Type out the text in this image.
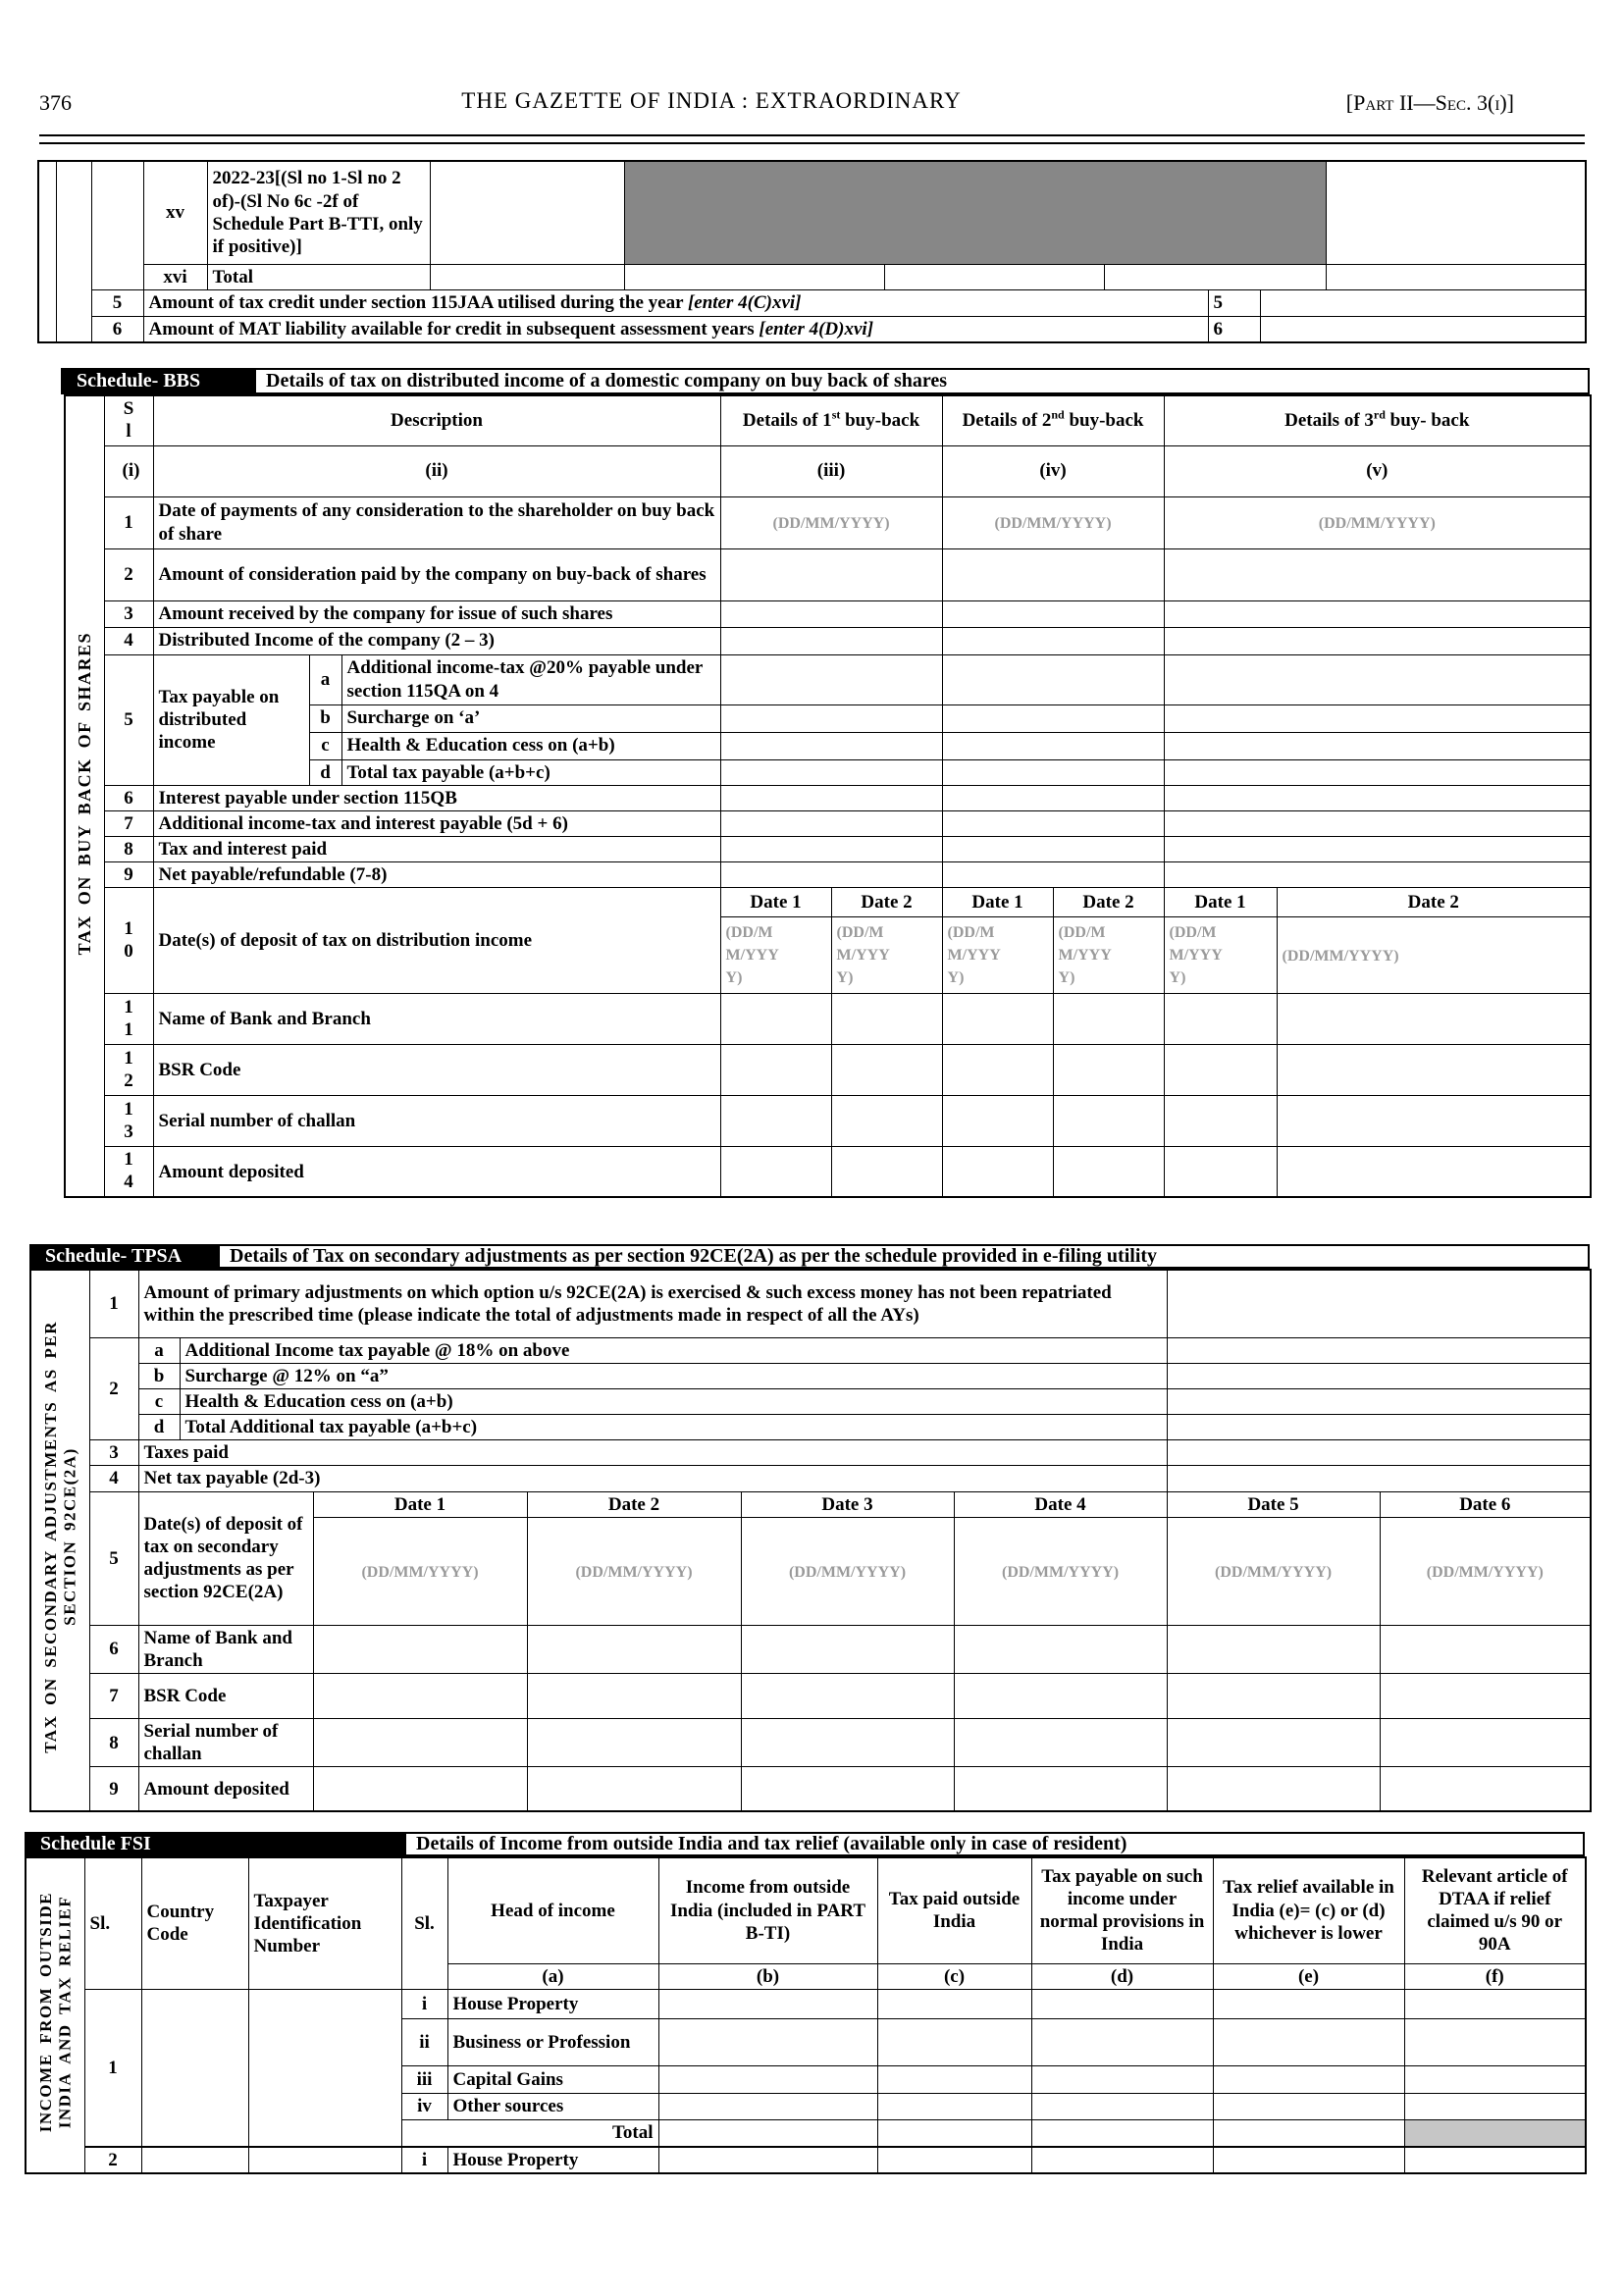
376	THE GAZETTE OF INDIA : EXTRAORDINARY	[Part II—Sec. 3(i)]
			xv	2022-23[(Sl no 1-Sl no 2 of)-(Sl No 6c -2f of Schedule Part B-TTI, only if positive)]							
			xvi	Total							
		5	Amount of tax credit under section 115JAA utilised during the year [enter 4(C)xvi]						5		
		6	Amount of MAT liability available for credit in subsequent assessment years [enter 4(D)xvi]						6		
Schedule- BBS	Details of tax on distributed income of a domestic company on buy back of shares
TAX ON BUY BACK OF SHARES	Sl	Description			Details of 1st buy-back		Details of 2nd buy-back		Details of 3rd buy- back	
	(i)	(ii)			(iii)		(iv)		(v)	
	1	Date of payments of any consideration to the shareholder on buy back of share			(DD/MM/YYYY)		(DD/MM/YYYY)		(DD/MM/YYYY)	
	2	Amount of consideration paid by the company on buy-back of shares								
	3	Amount received by the company for issue of such shares								
	4	Distributed Income of the company (2 – 3)								
	5	Tax payable on distributed income	a	Additional income-tax @20% payable under section 115QA on 4						
			b	Surcharge on ‘a’						
			c	Health & Education cess on (a+b)						
			d	Total tax payable (a+b+c)						
	6	Interest payable under section 115QB								
	7	Additional income-tax and interest payable (5d + 6)								
	8	Tax and interest paid								
	9	Net payable/refundable (7-8)								
	10	Date(s) of deposit of tax on distribution income			Date 1	Date 2	Date 1	Date 2	Date 1	Date 2
					(DD/MM/YYYY)	(DD/MM/YYYY)	(DD/MM/YYYY)	(DD/MM/YYYY)	(DD/MM/YYYY)	(DD/MM/YYYY)
	11	Name of Bank and Branch								
	12	BSR Code								
	13	Serial number of challan								
	14	Amount deposited								
Schedule- TPSA	Details of Tax on secondary adjustments as per section 92CE(2A) as per the schedule provided in e-filing utility
TAX ON SECONDARY ADJUSTMENTS AS PER SECTION 92CE(2A)	1	Amount of primary adjustments on which option u/s 92CE(2A) is exercised & such excess money has not been repatriated within the prescribed time (please indicate the total of adjustments made in respect of all the AYs)							
	2	a	Additional Income tax payable @ 18% on above						
		b	Surcharge @ 12% on “a”						
		c	Health & Education cess on (a+b)						
		d	Total Additional tax payable (a+b+c)						
	3	Taxes paid							
	4	Net tax payable (2d-3)							
	5	Date(s) of deposit of tax on secondary adjustments as per section 92CE(2A)		Date 1	Date 2	Date 3	Date 4	Date 5	Date 6
				(DD/MM/YYYY)	(DD/MM/YYYY)	(DD/MM/YYYY)	(DD/MM/YYYY)	(DD/MM/YYYY)	(DD/MM/YYYY)
	6	Name of Bank and Branch							
	7	BSR Code							
	8	Serial number of challan							
	9	Amount deposited							
Schedule FSI	Details of Income from outside India and tax relief (available only in case of resident)
INCOME FROM OUTSIDE INDIA AND TAX RELIEF	Sl.	Country Code	Taxpayer Identification Number	Sl.	Head of income	Income from outside India (included in PART B-TI)	Tax paid outside India	Tax payable on such income under normal provisions in India	Tax relief available in India (e)= (c) or (d) whichever is lower	Relevant article of DTAA if relief claimed u/s 90 or 90A
					(a)	(b)	(c)	(d)	(e)	(f)
	1			i	House Property					
				ii	Business or Profession					
				iii	Capital Gains					
				iv	Other sources					
				Total						
	2			i	House Property					
